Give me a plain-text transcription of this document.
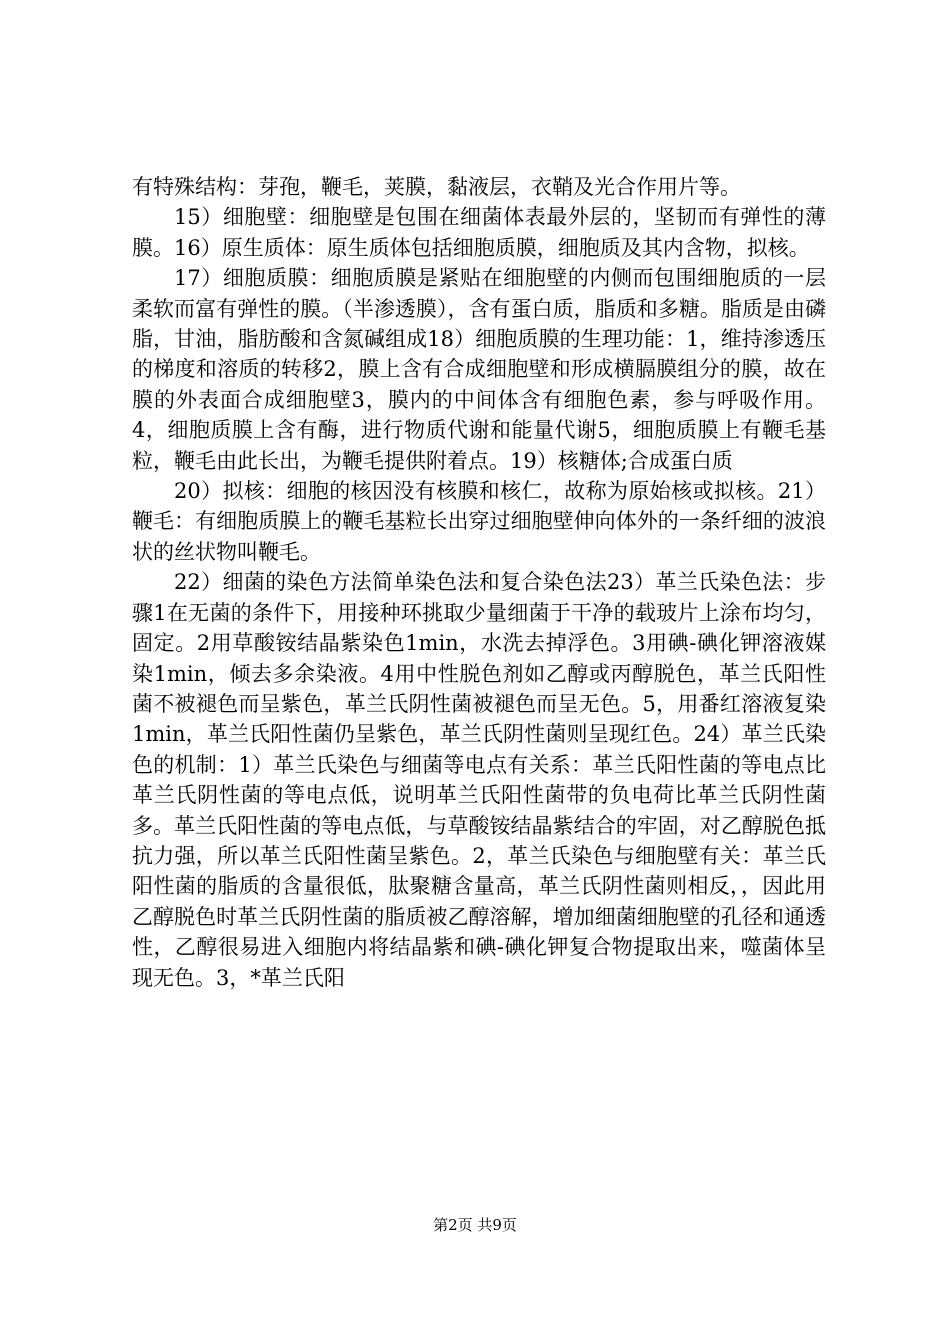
有特殊结构：芽孢，鞭毛，荚膜，黏液层，衣鞘及光合作用片等。

15）细胞壁：细胞壁是包围在细菌体表最外层的，坚韧而有弹性的薄膜。16）原生质体：原生质体包括细胞质膜，细胞质及其内含物，拟核。

17）细胞质膜：细胞质膜是紧贴在细胞壁的内侧而包围细胞质的一层柔软而富有弹性的膜。（半渗透膜），含有蛋白质，脂质和多糖。脂质是由磷脂，甘油，脂肪酸和含氮碱组成18）细胞质膜的生理功能：1，维持渗透压的梯度和溶质的转移2，膜上含有合成细胞壁和形成横膈膜组分的膜，故在膜的外表面合成细胞壁3，膜内的中间体含有细胞色素，参与呼吸作用。4，细胞质膜上含有酶，进行物质代谢和能量代谢5，细胞质膜上有鞭毛基粒，鞭毛由此长出，为鞭毛提供附着点。19）核糖体;合成蛋白质

20）拟核：细胞的核因没有核膜和核仁，故称为原始核或拟核。21）鞭毛：有细胞质膜上的鞭毛基粒长出穿过细胞壁伸向体外的一条纤细的波浪状的丝状物叫鞭毛。

22）细菌的染色方法简单染色法和复合染色法23）革兰氏染色法：步骤1在无菌的条件下，用接种环挑取少量细菌于干净的载玻片上涂布均匀，固定。2用草酸铵结晶紫染色1min，水洗去掉浮色。3用碘-碘化钾溶液媒染1min，倾去多余染液。4用中性脱色剂如乙醇或丙醇脱色，革兰氏阳性菌不被褪色而呈紫色，革兰氏阴性菌被褪色而呈无色。5，用番红溶液复染1min，革兰氏阳性菌仍呈紫色，革兰氏阴性菌则呈现红色。24）革兰氏染色的机制：1）革兰氏染色与细菌等电点有关系：革兰氏阳性菌的等电点比革兰氏阴性菌的等电点低，说明革兰氏阳性菌带的负电荷比革兰氏阴性菌多。革兰氏阳性菌的等电点低，与草酸铵结晶紫结合的牢固，对乙醇脱色抵抗力强，所以革兰氏阳性菌呈紫色。2，革兰氏染色与细胞壁有关：革兰氏阳性菌的脂质的含量很低，肽聚糖含量高，革兰氏阴性菌则相反，，因此用乙醇脱色时革兰氏阴性菌的脂质被乙醇溶解，增加细菌细胞壁的孔径和通透性，乙醇很易进入细胞内将结晶紫和碘-碘化钾复合物提取出来，噬菌体呈现无色。3，*革兰氏阳

第2页 共9页
